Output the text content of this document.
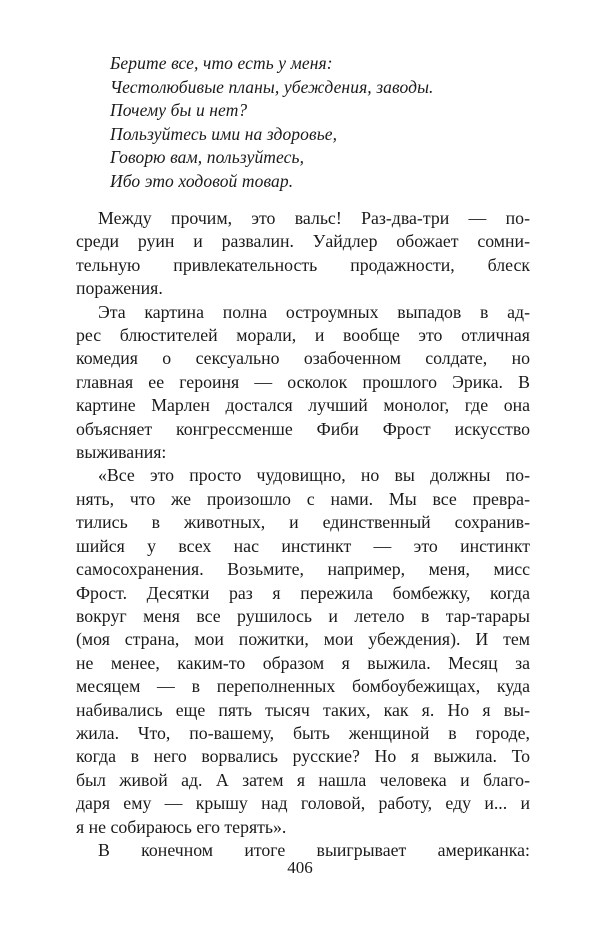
Берите все, что есть у меня:
Честолюбивые планы, убеждения, заводы.
Почему бы и нет?
Пользуйтесь ими на здоровье,
Говорю вам, пользуйтесь,
Ибо это ходовой товар.
Между прочим, это вальс! Раз-два-три — по-
среди руин и развалин. Уайдлер обожает сомни-
тельную привлекательность продажности, блеск
поражения.
Эта картина полна остроумных выпадов в ад-
рес блюстителей морали, и вообще это отличная
комедия о сексуально озабоченном солдате, но
главная ее героиня — осколок прошлого Эрика. В
картине Марлен достался лучший монолог, где она
объясняет конгрессменше Фиби Фрост искусство
выживания:
«Все это просто чудовищно, но вы должны по-
нять, что же произошло с нами. Мы все превра-
тились в животных, и единственный сохранив-
шийся у всех нас инстинкт — это инстинкт
самосохранения. Возьмите, например, меня, мисс
Фрост. Десятки раз я пережила бомбежку, когда
вокруг меня все рушилось и летело в тар-тарары
(моя страна, мои пожитки, мои убеждения). И тем
не менее, каким-то образом я выжила. Месяц за
месяцем — в переполненных бомбоубежищах, куда
набивались еще пять тысяч таких, как я. Но я вы-
жила. Что, по-вашему, быть женщиной в городе,
когда в него ворвались русские? Но я выжила. То
был живой ад. А затем я нашла человека и благо-
даря ему — крышу над головой, работу, еду и... и
я не собираюсь его терять».
В конечном итоге выигрывает американка:
406
